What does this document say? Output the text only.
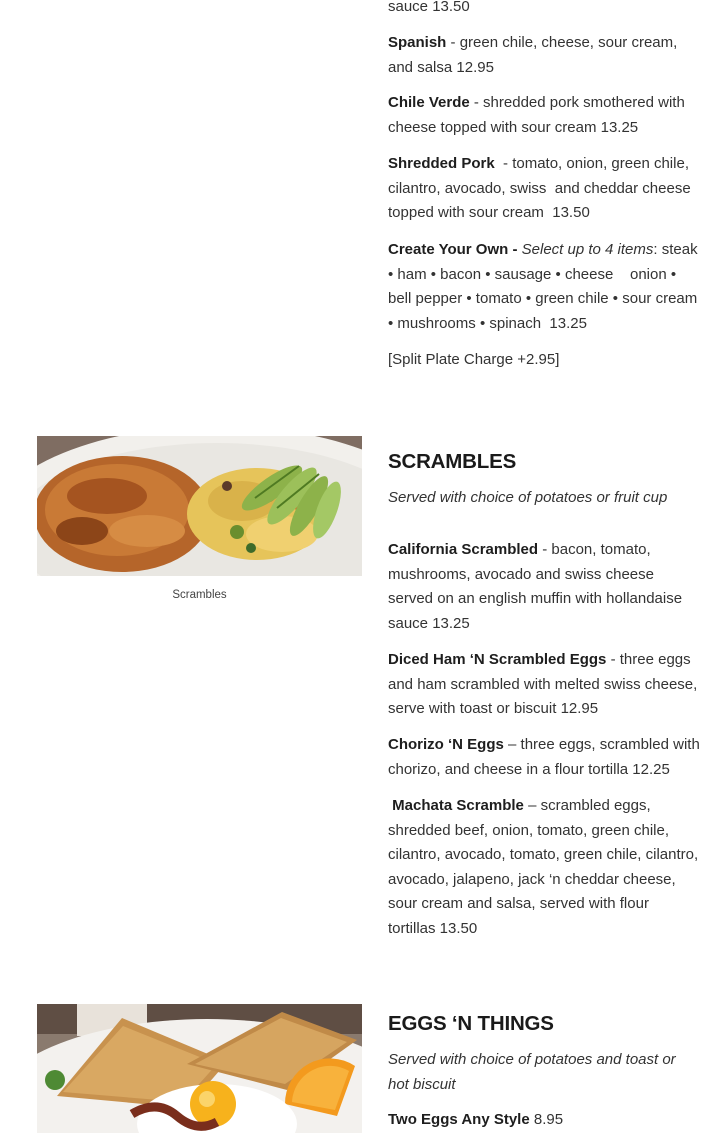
sauce 13.50

Spanish - green chile, cheese, sour cream, and salsa 12.95

Chile Verde - shredded pork smothered with cheese topped with sour cream 13.25

Shredded Pork  - tomato, onion, green chile, cilantro, avocado, swiss  and cheddar cheese topped with sour cream  13.50

Create Your Own - Select up to 4 items: steak • ham • bacon • sausage • cheese    onion • bell pepper • tomato • green chile • sour cream • mushrooms • spinach  13.25

[Split Plate Charge +2.95]

Scrambles
SCRAMBLES

Served with choice of potatoes or fruit cup

California Scrambled - bacon, tomato, mushrooms, avocado and swiss cheese served on an english muffin with hollandaise sauce 13.25

Diced Ham ‘N Scrambled Eggs - three eggs and ham scrambled with melted swiss cheese, serve with toast or biscuit 12.95

Chorizo ‘N Eggs – three eggs, scrambled with chorizo, and cheese in a flour tortilla 12.25

Machata Scramble – scrambled eggs, shredded beef, onion, tomato, green chile, cilantro, avocado, tomato, green chile, cilantro, avocado, jalapeno, jack ‘n cheddar cheese, sour cream and salsa, served with flour tortillas 13.50

EGGS ‘N THINGS

Served with choice of potatoes and toast or hot biscuit

Two Eggs Any Style 8.95
